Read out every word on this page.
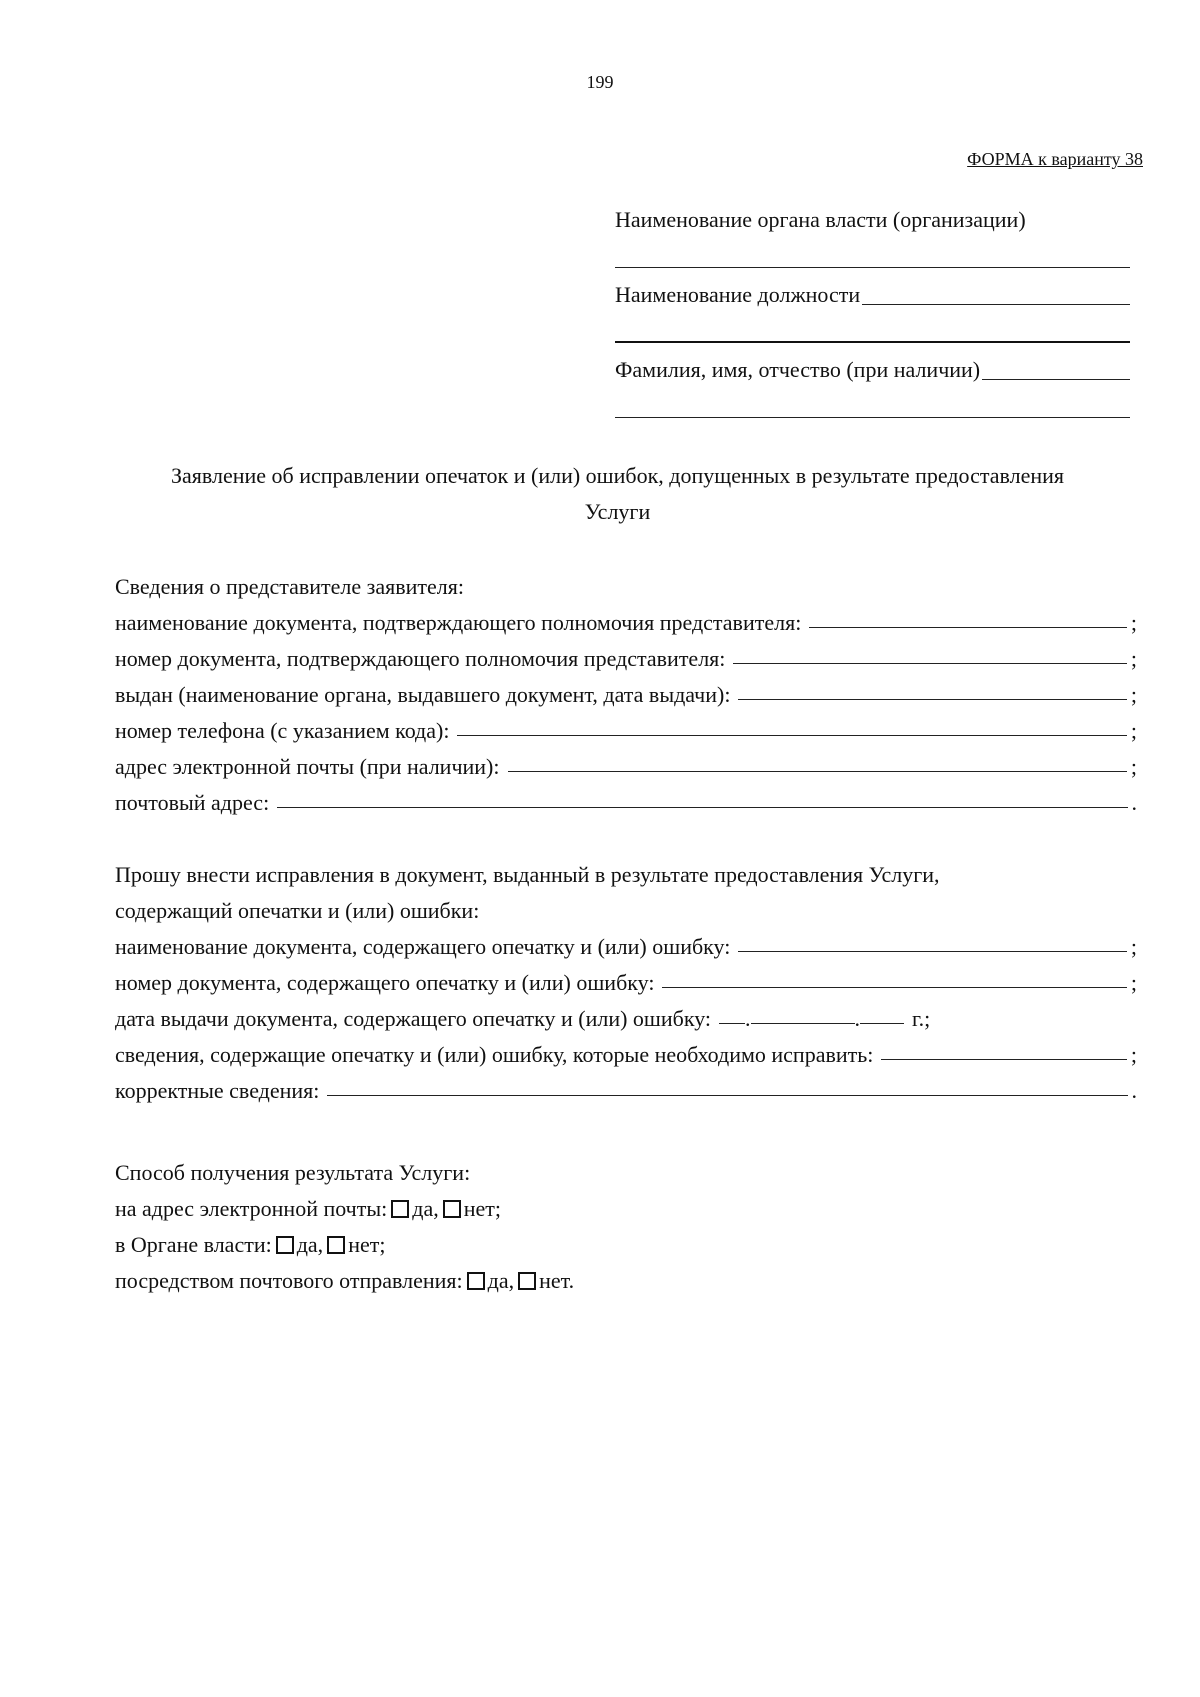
199
ФОРМА к варианту 38
Наименование органа власти (организации)
Наименование должности
Фамилия, имя, отчество (при наличии)
Заявление об исправлении опечаток и (или) ошибок, допущенных в результате предоставления
Услуги
Сведения о представителе заявителя:
наименование документа, подтверждающего полномочия представителя:	;
номер документа, подтверждающего полномочия представителя:	;
выдан (наименование органа, выдавшего документ, дата выдачи):	;
номер телефона (с указанием кода):	;
адрес электронной почты (при наличии):	;
почтовый адрес:	.
Прошу внести исправления в документ, выданный в результате предоставления Услуги,
содержащий опечатки и (или) ошибки:
наименование документа, содержащего опечатку и (или) ошибку:	;
номер документа, содержащего опечатку и (или) ошибку:	;
дата выдачи документа, содержащего опечатку и (или) ошибку: .	. г.;
сведения, содержащие опечатку и (или) ошибку, которые необходимо исправить:	;
корректные сведения:	.
Способ получения результата Услуги:
на адрес электронной почты: да, нет;
в Органе власти: да, нет;
посредством почтового отправления: да, нет.
